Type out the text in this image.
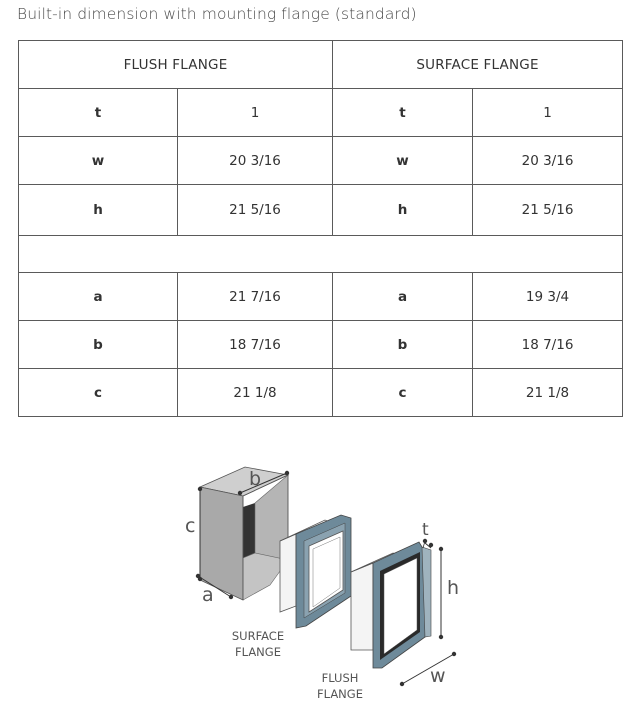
Built-in dimension with mounting flange (standard)
FLUSH FLANGE		SURFACE FLANGE	
t	1	t	1
w	20 3/16	w	20 3/16
h	21 5/16	h	21 5/16

a	21 7/16	a	19 3/4
b	18 7/16	b	18 7/16
c	21 1/8	c	21 1/8
b
c
a
t
h
w
SURFACE
FLANGE
FLUSH
FLANGE
